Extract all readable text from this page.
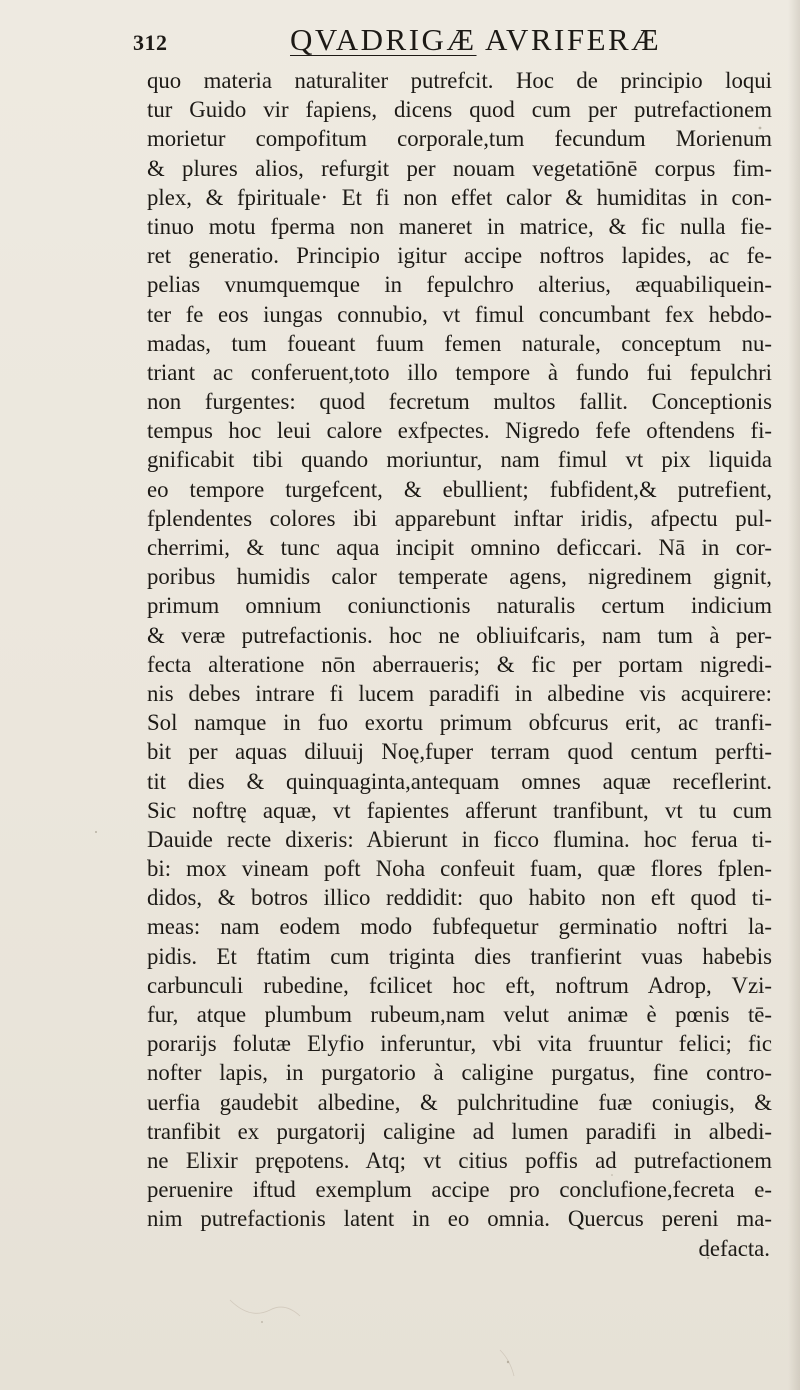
312	QVADRIGÆ AVRIFERÆ
quo materia naturaliter putrefcit. Hoc de principio loqui
tur Guido vir fapiens, dicens quod cum per putrefactionem
morietur compofitum corporale,tum fecundum Morienum
& plures alios, refurgit per nouam vegetatiōnē corpus fim-
plex, & fpirituale· Et fi non effet calor & humiditas in con-
tinuo motu fperma non maneret in matrice, & fic nulla fie-
ret generatio. Principio igitur accipe noftros lapides, ac fe-
pelias vnumquemque in fepulchro alterius, æquabiliquein-
ter fe eos iungas connubio, vt fimul concumbant fex hebdo-
madas, tum foueant fuum femen naturale, conceptum nu-
triant ac conferuent,toto illo tempore à fundo fui fepulchri
non furgentes: quod fecretum multos fallit. Conceptionis
tempus hoc leui calore exfpectes. Nigredo fefe oftendens fi-
gnificabit tibi quando moriuntur, nam fimul vt pix liquida
eo tempore turgefcent, & ebullient; fubfident,& putrefient,
fplendentes colores ibi apparebunt inftar iridis, afpectu pul-
cherrimi, & tunc aqua incipit omnino deficcari. Nā in cor-
poribus humidis calor temperate agens, nigredinem gignit,
primum omnium coniunctionis naturalis certum indicium
& veræ putrefactionis. hoc ne obliuifcaris, nam tum à per-
fecta alteratione nōn aberraueris; & fic per portam nigredi-
nis debes intrare fi lucem paradifi in albedine vis acquirere:
Sol namque in fuo exortu primum obfcurus erit, ac tranfi-
bit per aquas diluuij Noę,fuper terram quod centum perfti-
tit dies & quinquaginta,antequam omnes aquæ receflerint.
Sic noftrę aquæ, vt fapientes afferunt tranfibunt, vt tu cum
Dauide recte dixeris: Abierunt in ficco flumina. hoc ferua ti-
bi: mox vineam poft Noha confeuit fuam, quæ flores fplen-
didos, & botros illico reddidit: quo habito non eft quod ti-
meas: nam eodem modo fubfequetur germinatio noftri la-
pidis. Et ftatim cum triginta dies tranfierint vuas habebis
carbunculi rubedine, fcilicet hoc eft, noftrum Adrop, Vzi-
fur, atque plumbum rubeum,nam velut animæ è pœnis tē-
porarijs folutæ Elyfio inferuntur, vbi vita fruuntur felici; fic
nofter lapis, in purgatorio à caligine purgatus, fine contro-
uerfia gaudebit albedine, & pulchritudine fuæ coniugis, &
tranfibit ex purgatorij caligine ad lumen paradifi in albedi-
ne Elixir prępotens. Atq; vt citius poffis ad putrefactionem
peruenire iftud exemplum accipe pro conclufione,fecreta e-
nim putrefactionis latent in eo omnia. Quercus pereni ma-
defacta.
